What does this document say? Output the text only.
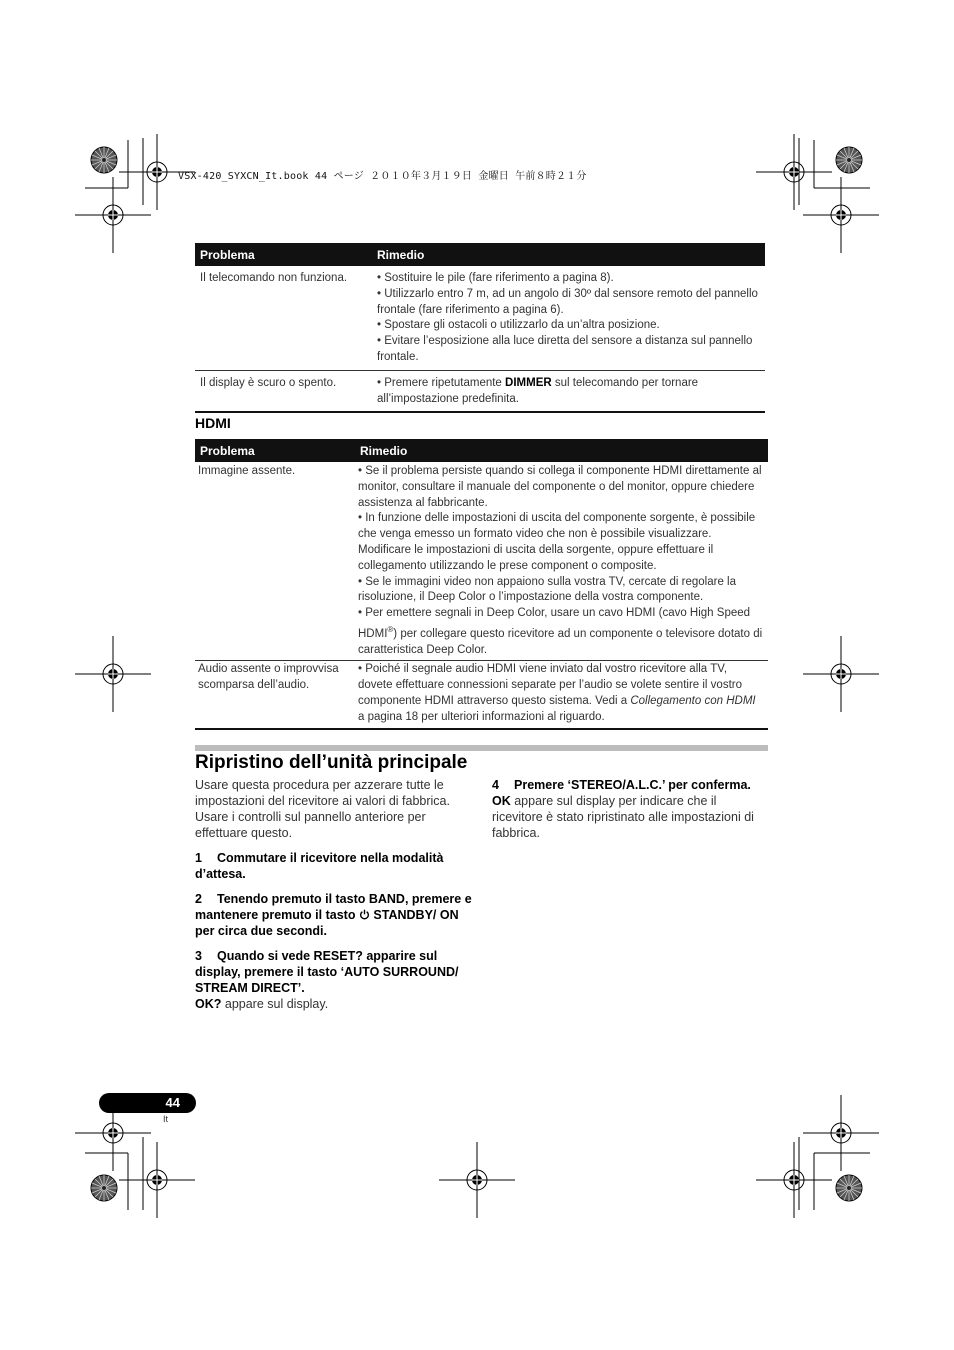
VSX-420_SYXCN_It.book 44 ページ ２０１０年３月１９日 金曜日 午前８時２１分
Problema	Rimedio
Il telecomando non funziona.	• Sostituire le pile (fare riferimento a pagina 8).
• Utilizzarlo entro 7 m, ad un angolo di 30º dal sensore remoto del pannello frontale (fare riferimento a pagina 6).
• Spostare gli ostacoli o utilizzarlo da un’altra posizione.
• Evitare l’esposizione alla luce diretta del sensore a distanza sul pannello frontale.

Il display è scuro o spento.	• Premere ripetutamente DIMMER sul telecomando per tornare all’impostazione predefinita.
HDMI
Problema	Rimedio
Immagine assente.	• Se il problema persiste quando si collega il componente HDMI direttamente al monitor, consultare il manuale del componente o del monitor, oppure chiedere assistenza al fabbricante.
• In funzione delle impostazioni di uscita del componente sorgente, è possibile che venga emesso un formato video che non è possibile visualizzare. Modificare le impostazioni di uscita della sorgente, oppure effettuare il collegamento utilizzando le prese component o composite.
• Se le immagini video non appaiono sulla vostra TV, cercate di regolare la risoluzione, il Deep Color o l’impostazione della vostra componente.
• Per emettere segnali in Deep Color, usare un cavo HDMI (cavo High Speed HDMI®) per collegare questo ricevitore ad un componente o televisore dotato di caratteristica Deep Color.

Audio assente o improvvisa scomparsa dell’audio.	• Poiché il segnale audio HDMI viene inviato dal vostro ricevitore alla TV, dovete effettuare connessioni separate per l’audio se volete sentire il vostro componente HDMI attraverso questo sistema. Vedi a Collegamento con HDMI a pagina 18 per ulteriori informazioni al riguardo.
Ripristino dell’unità principale

Usare questa procedura per azzerare tutte le impostazioni del ricevitore ai valori di fabbrica. Usare i controlli sul pannello anteriore per effettuare questo.

1 Commutare il ricevitore nella modalità d’attesa.

2 Tenendo premuto il tasto BAND, premere e mantenere premuto il tasto  STANDBY/ ON per circa due secondi.

3 Quando si vede RESET? apparire sul display, premere il tasto ‘AUTO SURROUND/ STREAM DIRECT’.

OK? appare sul display.

4 Premere ‘STEREO/A.L.C.’ per conferma.

OK appare sul display per indicare che il ricevitore è stato ripristinato alle impostazioni di fabbrica.

44
It
